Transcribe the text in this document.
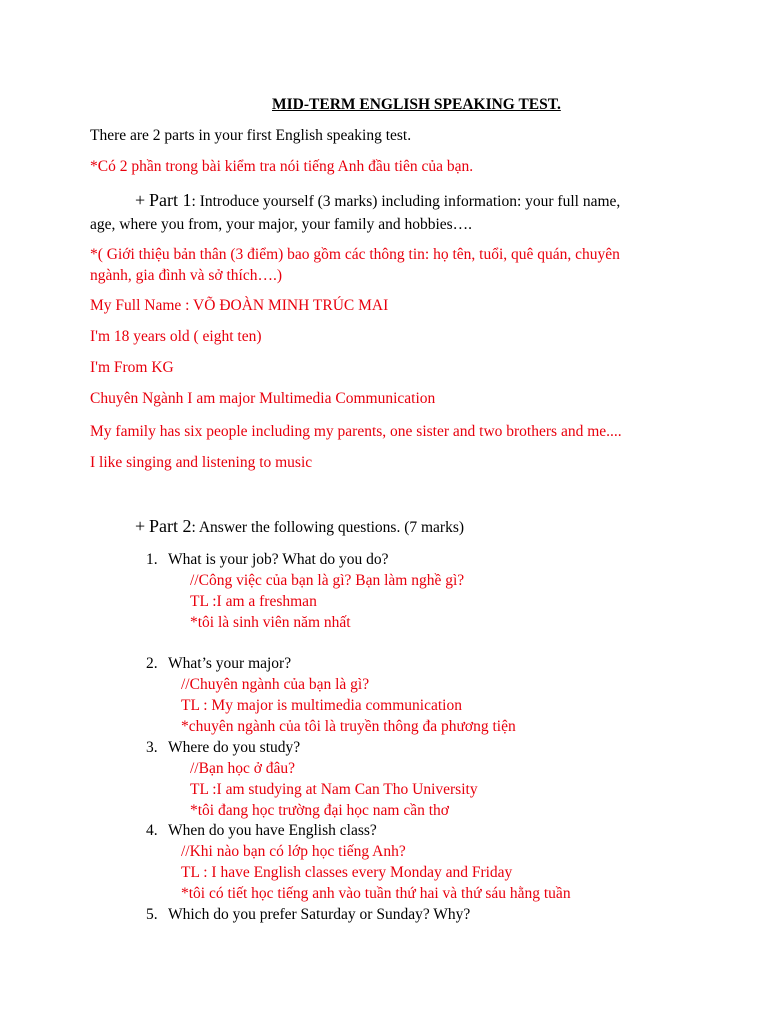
MID-TERM ENGLISH SPEAKING TEST.
There are 2 parts in your first English speaking test.
*Có 2 phần trong bài kiểm tra nói tiếng Anh đầu tiên của bạn.
+ Part 1: Introduce yourself (3 marks) including information: your full name,
age, where you from, your major, your family and hobbies….
*( Giới thiệu bản thân (3 điểm) bao gồm các thông tin: họ tên, tuổi, quê quán, chuyên
ngành, gia đình và sở thích….)
My Full Name : VÕ ĐOÀN MINH TRÚC MAI
I'm 18 years old ( eight ten)
I'm From KG
Chuyên Ngành I am major Multimedia Communication
My family has six people including my parents, one sister and two brothers and me....
I like singing and listening to music
+ Part 2: Answer the following questions. (7 marks)
1. What is your job? What do you do?
//Công việc của bạn là gì? Bạn làm nghề gì?
TL :I am a freshman
*tôi là sinh viên năm nhất
2. What’s your major?
//Chuyên ngành của bạn là gì?
TL : My major is multimedia communication
*chuyên ngành của tôi là truyền thông đa phương tiện
3. Where do you study?
//Bạn học ở đâu?
TL :I am studying at Nam Can Tho University
*tôi đang học trường đại học nam cần thơ
4. When do you have English class?
//Khi nào bạn có lớp học tiếng Anh?
TL : I have English classes every Monday and Friday
*tôi có tiết học tiếng anh vào tuần thứ hai và thứ sáu hằng tuần
5. Which do you prefer Saturday or Sunday? Why?
